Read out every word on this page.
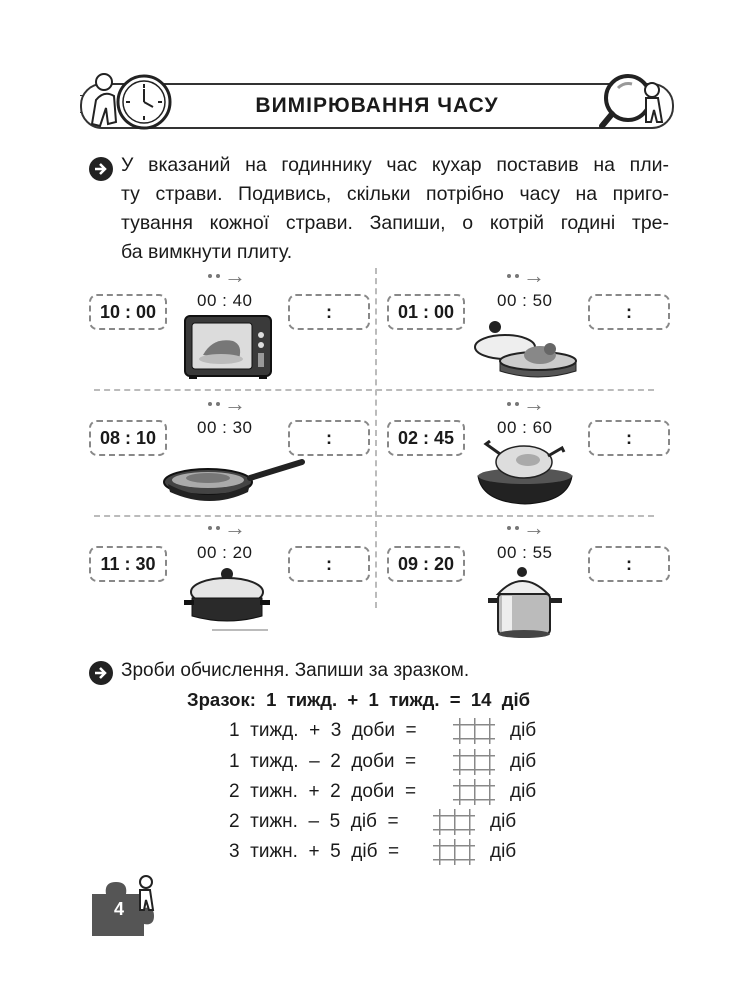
ВИМІРЮВАННЯ ЧАСУ
У вказаний на годиннику час кухар поставив на пли-
ту страви. Подивись, скільки потрібно часу на приго-
тування кожної страви. Запиши, о котрій годині тре-
ба вимкнути плиту.
10 : 00
→
00 : 40
:	01 : 00
→
00 : 50
:
08 : 10
→
00 : 30	:	02 : 45
→
00 : 60	:
11 : 30
→
00 : 20
:	09 : 20
→
00 : 55
:
Зроби обчислення. Запиши за зразком.
Зразок:  1  тижд.  +  1  тижд.  =  14  діб
1  тижд.  +  3  доби  =	діб
1  тижд.  –  2  доби  =	діб
2  тижн.  +  2  доби  =	діб
2  тижн.  –  5  діб  =	діб
3  тижн.  +  5  діб  =	діб
4
